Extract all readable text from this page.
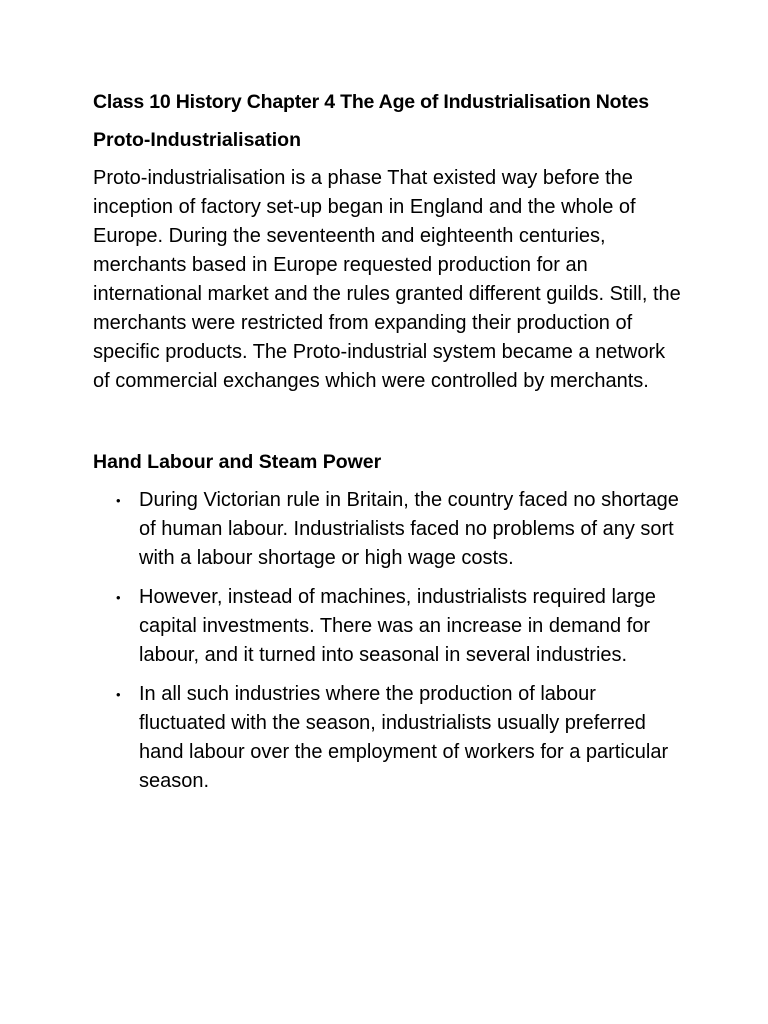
Class 10 History Chapter 4 The Age of Industrialisation Notes
Proto-Industrialisation

Proto-industrialisation is a phase That existed way before the inception of factory set-up began in England and the whole of Europe. During the seventeenth and eighteenth centuries, merchants based in Europe requested production for an international market and the rules granted different guilds. Still, the merchants were restricted from expanding their production of specific products. The Proto-industrial system became a network of commercial exchanges which were controlled by merchants.

Hand Labour and Steam Power
• During Victorian rule in Britain, the country faced no shortage of human labour. Industrialists faced no problems of any sort with a labour shortage or high wage costs.
• However, instead of machines, industrialists required large capital investments. There was an increase in demand for labour, and it turned into seasonal in several industries.
• In all such industries where the production of labour fluctuated with the season, industrialists usually preferred hand labour over the employment of workers for a particular season.
